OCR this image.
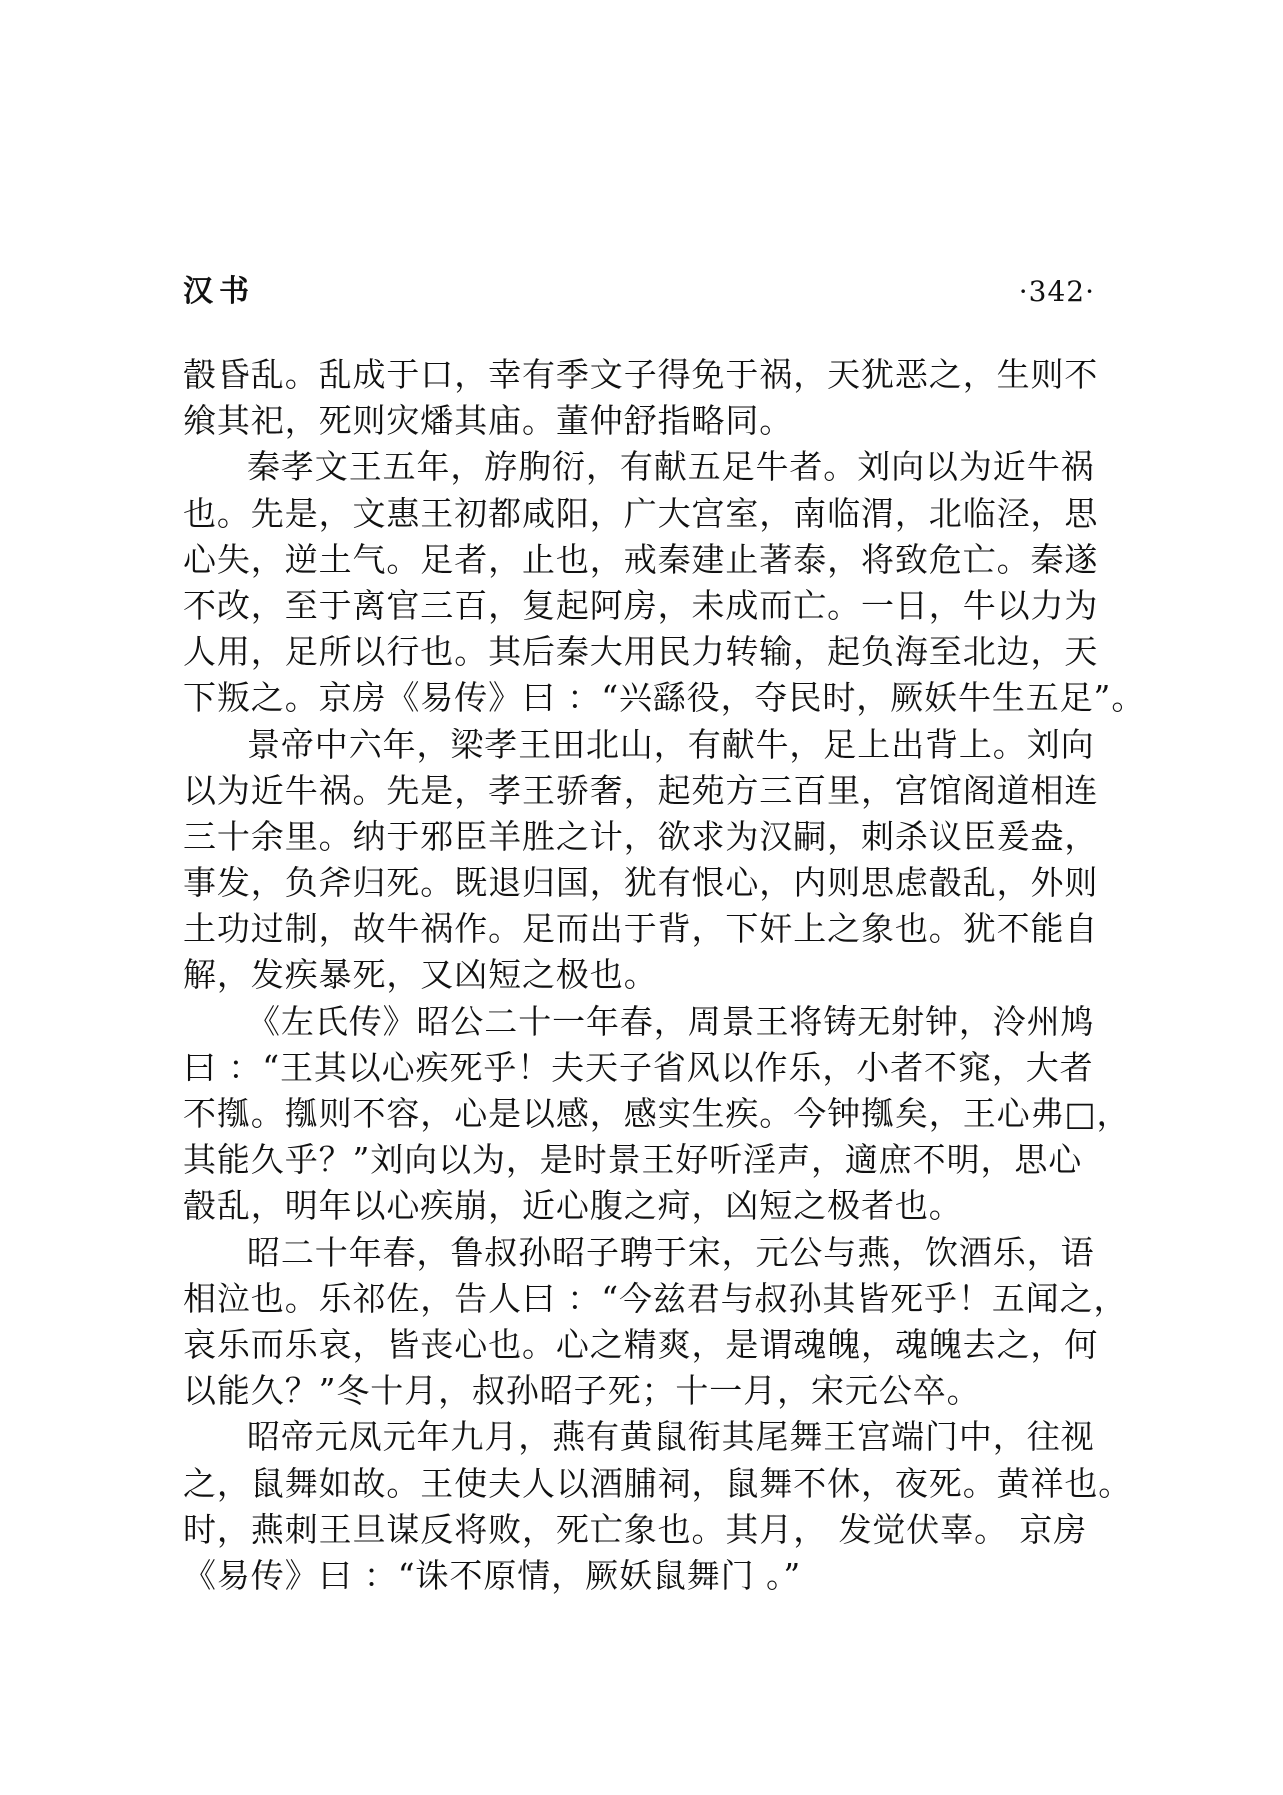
汉书	·342·
瞉昏乱。乱成于口，幸有季文子得免于祸，天犹恶之，生则不
飨其祀，死则灾燔其庙。董仲舒指略同。
秦孝文王五年，斿朐衍，有献五足牛者。刘向以为近牛祸
也。先是，文惠王初都咸阳，广大宫室，南临渭，北临泾，思
心失，逆土气。足者，止也，戒秦建止著泰，将致危亡。秦遂
不改，至于离官三百，复起阿房，未成而亡。一日，牛以力为
人用，足所以行也。其后秦大用民力转输，起负海至北边，天
下叛之。京房《易传》曰 ：“兴繇役，夺民时，厥妖牛生五足”。
景帝中六年，梁孝王田北山，有献牛，足上出背上。刘向
以为近牛祸。先是，孝王骄奢，起苑方三百里，宫馆阁道相连
三十余里。纳于邪臣羊胜之计，欲求为汉嗣，刺杀议臣爰盎，
事发，负斧归死。既退归国，犹有恨心，内则思虑瞉乱，外则
土功过制，故牛祸作。足而出于背，下奸上之象也。犹不能自
解，发疾暴死，又凶短之极也。
《左氏传》昭公二十一年春，周景王将铸无射钟，泠州鸠
曰 ：“王其以心疾死乎！夫天子省风以作乐，小者不窕，大者
不摦。摦则不容，心是以感，感实生疾。今钟摦矣，王心弗□，
其能久乎？”刘向以为，是时景王好听淫声，適庶不明，思心
瞉乱，明年以心疾崩，近心腹之疴，凶短之极者也。
昭二十年春，鲁叔孙昭子聘于宋，元公与燕，饮酒乐，语
相泣也。乐祁佐，告人曰 ：“今兹君与叔孙其皆死乎！五闻之，
哀乐而乐哀，皆丧心也。心之精爽，是谓魂魄，魂魄去之，何
以能久？”冬十月，叔孙昭子死；十一月，宋元公卒。
昭帝元凤元年九月，燕有黄鼠衔其尾舞王宫端门中，往视
之，鼠舞如故。王使夫人以酒脯祠，鼠舞不休，夜死。黄祥也。
时，燕刺王旦谋反将败，死亡象也。其月， 发觉伏辜。 京房
《易传》曰 ：“诛不原情，厥妖鼠舞门 。”
